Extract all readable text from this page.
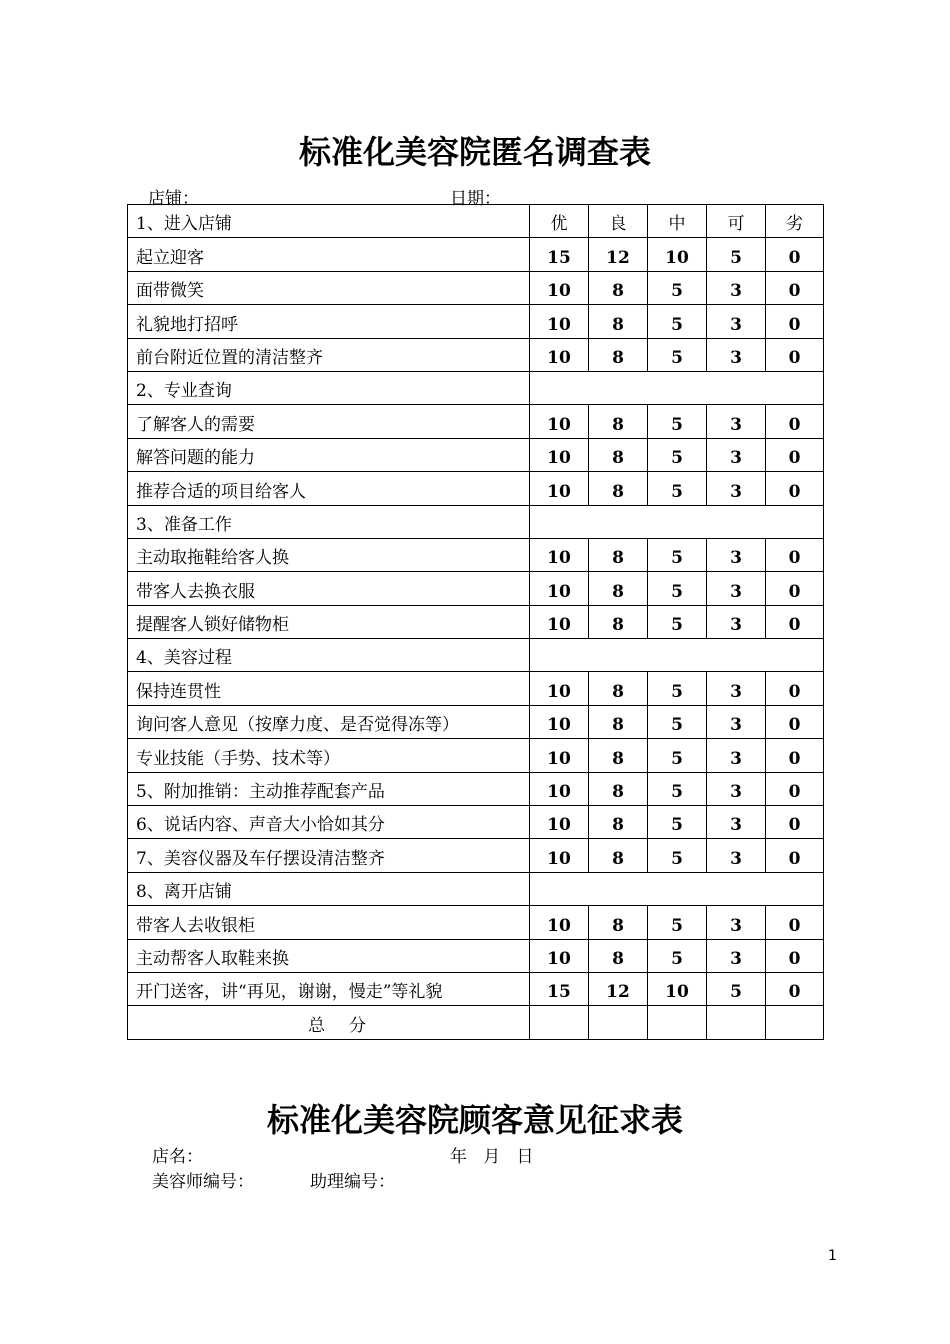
标准化美容院匿名调查表
店铺：	日期：
1、进入店铺	优	良	中	可	劣
起立迎客	15	12	10	5	0
面带微笑	10	8	5	3	0
礼貌地打招呼	10	8	5	3	0
前台附近位置的清洁整齐	10	8	5	3	0
2、专业查询					
了解客人的需要	10	8	5	3	0
解答问题的能力	10	8	5	3	0
推荐合适的项目给客人	10	8	5	3	0
3、准备工作					
主动取拖鞋给客人换	10	8	5	3	0
带客人去换衣服	10	8	5	3	0
提醒客人锁好储物柜	10	8	5	3	0
4、美容过程					
保持连贯性	10	8	5	3	0
询问客人意见（按摩力度、是否觉得冻等）	10	8	5	3	0
专业技能（手势、技术等）	10	8	5	3	0
5、附加推销：主动推荐配套产品	10	8	5	3	0
6、说话内容、声音大小恰如其分	10	8	5	3	0
7、美容仪器及车仔摆设清洁整齐	10	8	5	3	0
8、离开店铺					
带客人去收银柜	10	8	5	3	0
主动帮客人取鞋来换	10	8	5	3	0
开门送客，讲“再见，谢谢，慢走”等礼貌	15	12	10	5	0
总 分					
标准化美容院顾客意见征求表
店名：	年 月 日
美容师编号：	助理编号：
1
